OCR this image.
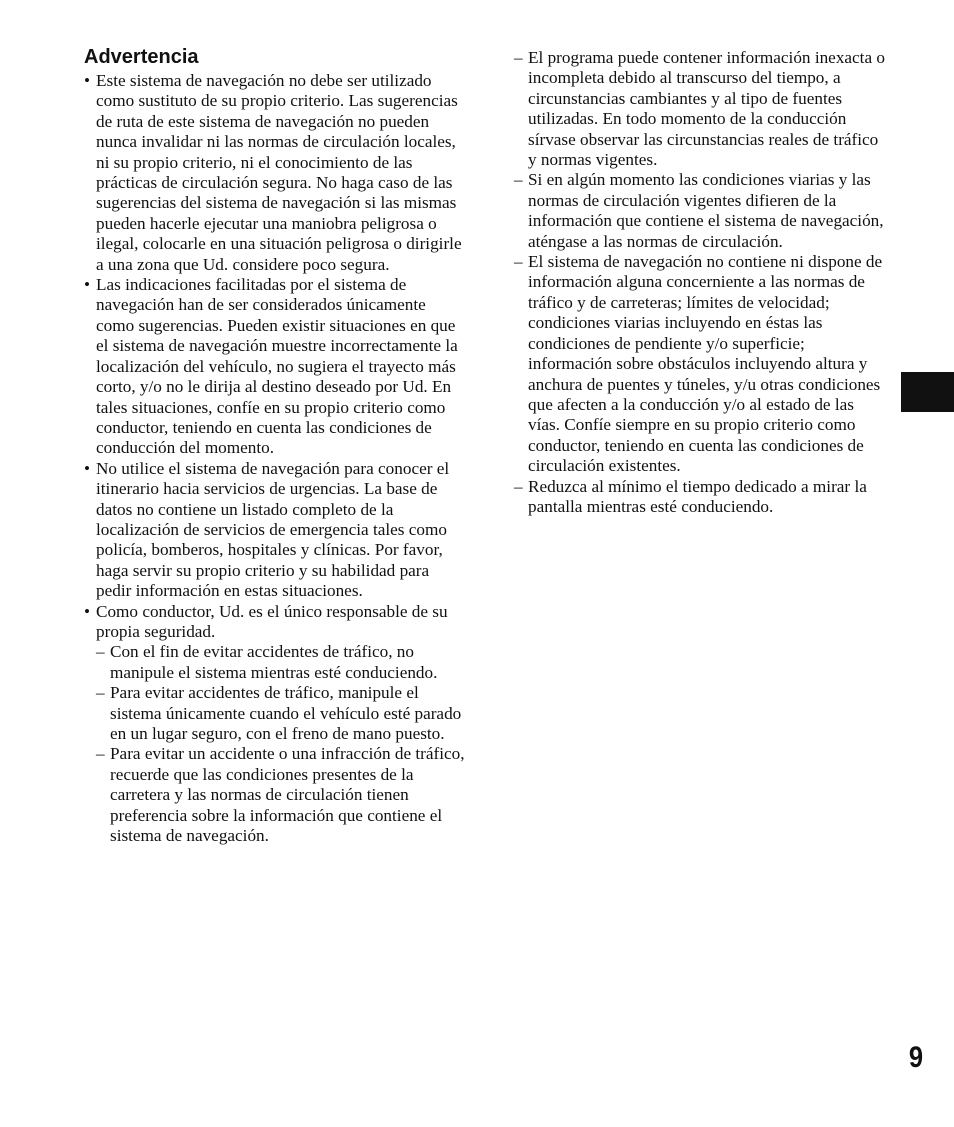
Advertencia
• Este sistema de navegación no debe ser utilizado como sustituto de su propio criterio. Las sugerencias de ruta de este sistema de navegación no pueden nunca invalidar ni las normas de circulación locales, ni su propio criterio, ni el conocimiento de las prácticas de circulación segura. No haga caso de las sugerencias del sistema de navegación si las mismas pueden hacerle ejecutar una maniobra peligrosa o ilegal, colocarle en una situación peligrosa o dirigirle a una zona que Ud. considere poco segura.
• Las indicaciones facilitadas por el sistema de navegación han de ser considerados únicamente como sugerencias. Pueden existir situaciones en que el sistema de navegación muestre incorrectamente la localización del vehículo, no sugiera el trayecto más corto, y/o no le dirija al destino deseado por Ud. En tales situaciones, confíe en su propio criterio como conductor, teniendo en cuenta las condiciones de conducción del momento.
• No utilice el sistema de navegación para conocer el itinerario hacia servicios de urgencias. La base de datos no contiene un listado completo de la localización de servicios de emergencia tales como policía, bomberos, hospitales y clínicas. Por favor, haga servir su propio criterio y su habilidad para pedir información en estas situaciones.
• Como conductor, Ud. es el único responsable de su propia seguridad.
– Con el fin de evitar accidentes de tráfico, no manipule el sistema mientras esté conduciendo.
– Para evitar accidentes de tráfico, manipule el sistema únicamente cuando el vehículo esté parado en un lugar seguro, con el freno de mano puesto.
– Para evitar un accidente o una infracción de tráfico, recuerde que las condiciones presentes de la carretera y las normas de circulación tienen preferencia sobre la información que contiene el sistema de navegación.
– El programa puede contener información inexacta o incompleta debido al transcurso del tiempo, a circunstancias cambiantes y al tipo de fuentes utilizadas. En todo momento de la conducción sírvase observar las circunstancias reales de tráfico y normas vigentes.
– Si en algún momento las condiciones viarias y las normas de circulación vigentes difieren de la información que contiene el sistema de navegación, aténgase a las normas de circulación.
– El sistema de navegación no contiene ni dispone de información alguna concerniente a las normas de tráfico y de carreteras; límites de velocidad; condiciones viarias incluyendo en éstas las condiciones de pendiente y/o superficie; información sobre obstáculos incluyendo altura y anchura de puentes y túneles, y/u otras condiciones que afecten a la conducción y/o al estado de las vías. Confíe siempre en su propio criterio como conductor, teniendo en cuenta las condiciones de circulación existentes.
– Reduzca al mínimo el tiempo dedicado a mirar la pantalla mientras esté conduciendo.
9
